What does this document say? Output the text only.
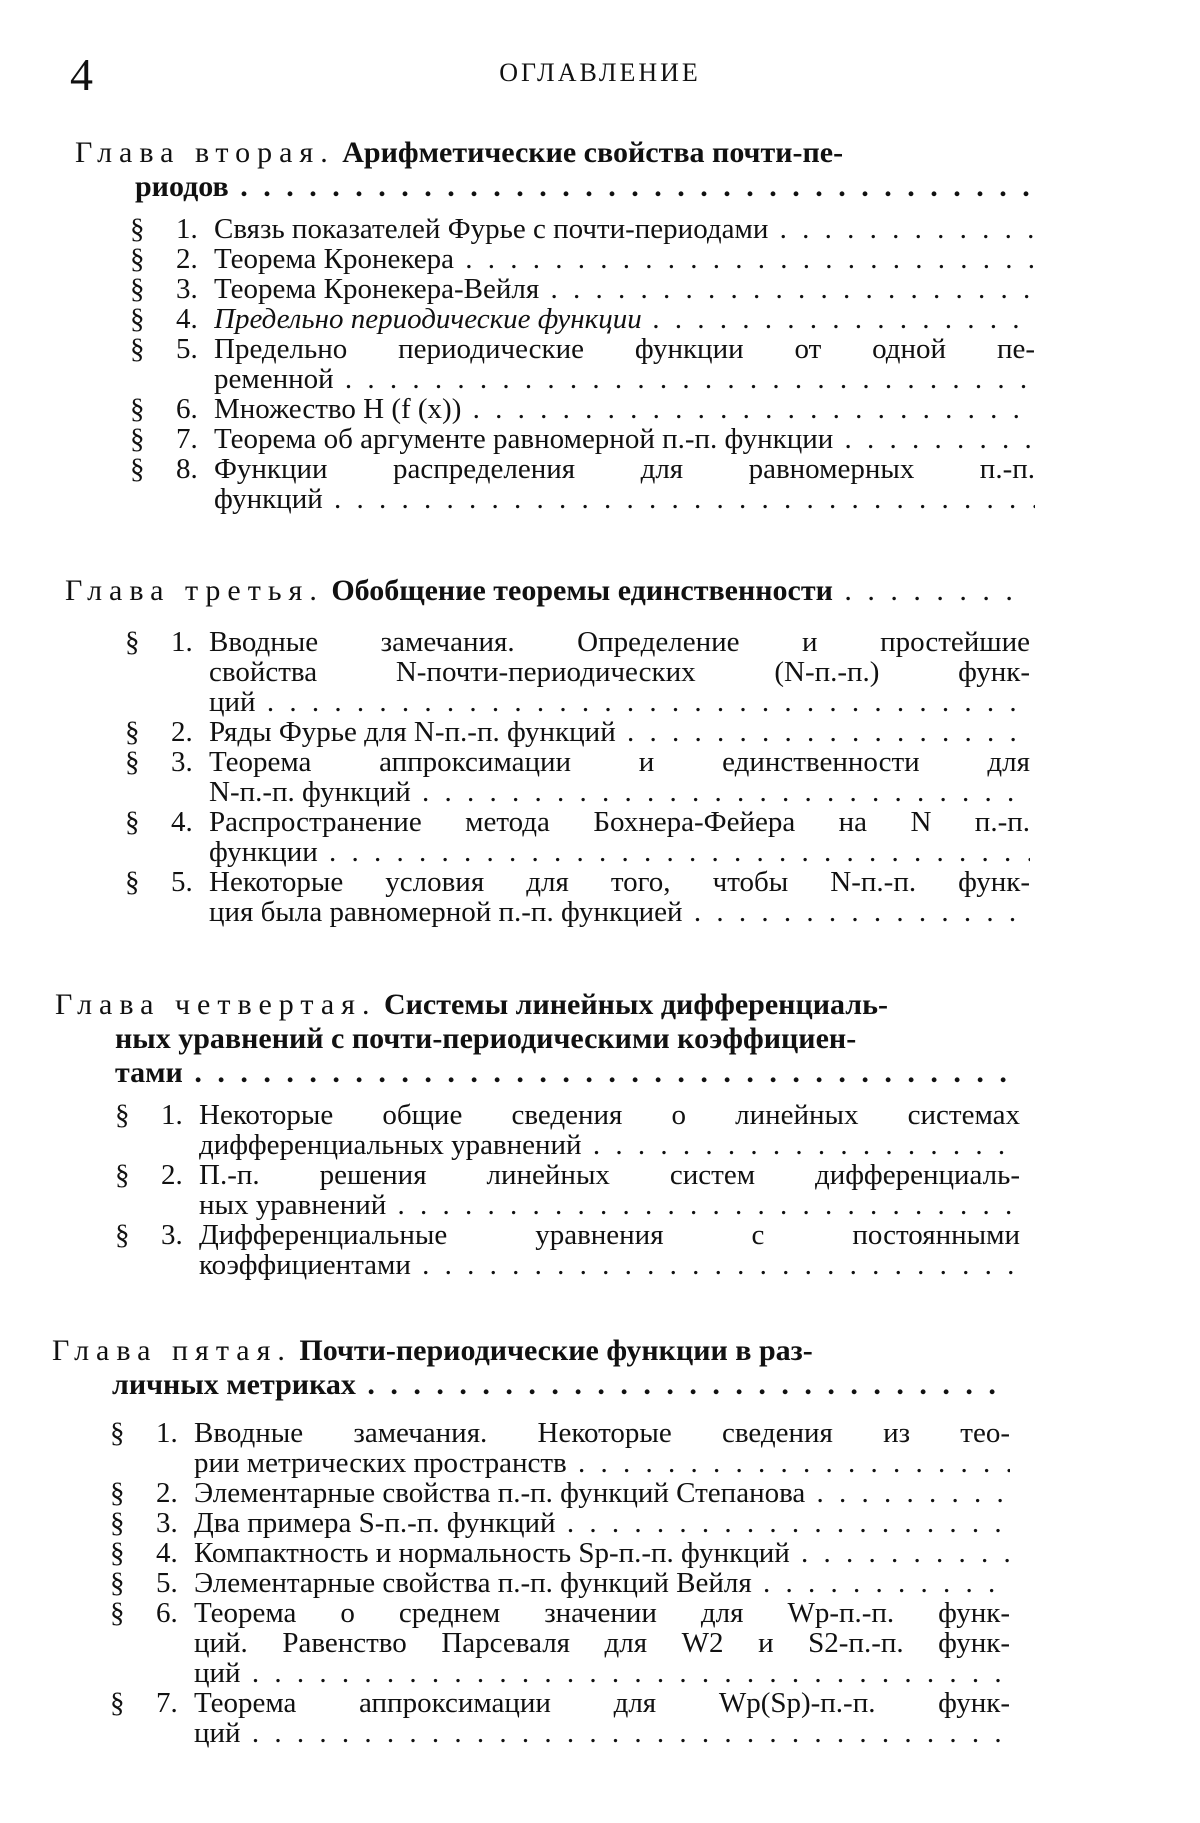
4	ОГЛАВЛЕНИЕ
Глава вторая. Арифметические свойства почти-пе-
риодов . . .
§	1. Связь показателей Фурье с почти-периодами . . .
§	2. Теорема Кронекера . . .
§	3. Теорема Кронекера-Вейля . . .
§	4. Предельно периодические функции . . .
§	5. Предельно периодические функции от одной пе-
ременной . . .
§	6. Множество H (f (x)) . . .
§	7. Теорема об аргументе равномерной п.-п. функции . . .
§	8. Функции распределения для равномерных п.-п.
функций . . .
Глава третья. Обобщение теоремы единственности . . .
§	1. Вводные замечания. Определение и простейшие
свойства N-почти-периодических (N-п.-п.) функ-
ций . . .
§	2. Ряды Фурье для N-п.-п. функций . . .
§	3. Теорема аппроксимации и единственности для
N-п.-п. функций . . .
§	4. Распространение метода Бохнера-Фейера на N п.-п.
функции . . .
§	5. Некоторые условия для того, чтобы N-п.-п. функ-
ция была равномерной п.-п. функцией . . .
Глава четвертая. Системы линейных дифференциаль-
ных уравнений с почти-периодическими коэффициен-
тами . . .
§	1. Некоторые общие сведения о линейных системах
дифференциальных уравнений . . .
§	2. П.-п. решения линейных систем дифференциаль-
ных уравнений . . .
§	3. Дифференциальные уравнения с постоянными
коэффициентами . . .
Глава пятая. Почти-периодические функции в раз-
личных метриках . . .
§	1. Вводные замечания. Некоторые сведения из тео-
рии метрических пространств . . .
§	2. Элементарные свойства п.-п. функций Степанова . . .
§	3. Два примера S-п.-п. функций . . .
§	4. Компактность и нормальность Sp-п.-п. функций . . .
§	5. Элементарные свойства п.-п. функций Вейля . . .
§	6. Теорема о среднем значении для Wp-п.-п. функ-
ций. Равенство Парсеваля для W2 и S2-п.-п. функ-
ций . . .
§	7. Теорема аппроксимации для Wp(Sp)-п.-п. функ-
ций . . .
